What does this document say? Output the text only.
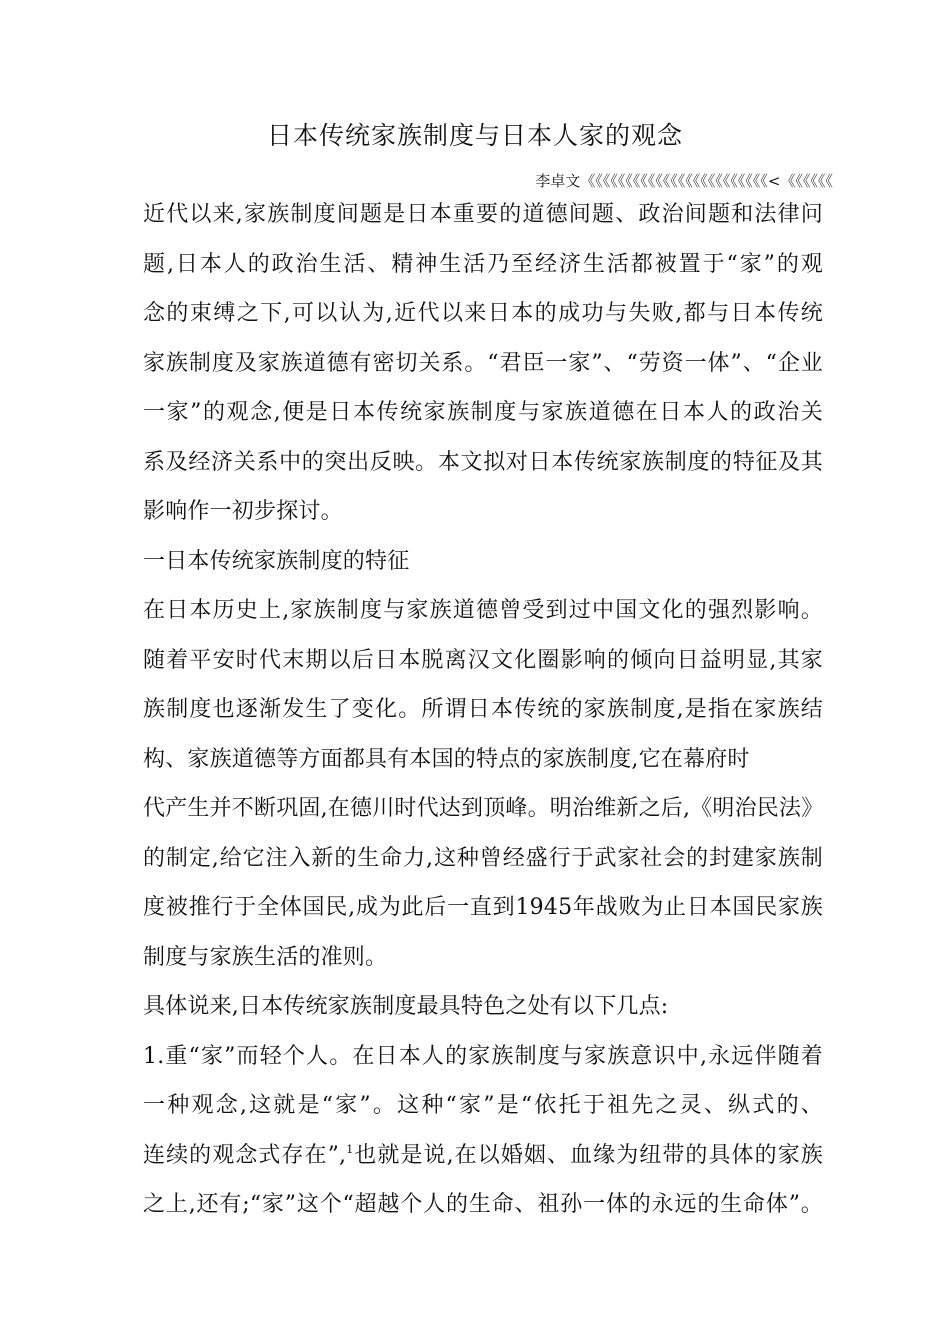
日本传统家族制度与日本人家的观念
李卓文《《《《《《《《《《《《《《《《《《《《《《《《<《《《《《《
近代以来,家族制度间题是日本重要的道德间题、政治间题和法律问
题,日本人的政治生活、精神生活乃至经济生活都被置于“家”的观
念的束缚之下,可以认为,近代以来日本的成功与失败,都与日本传统
家族制度及家族道德有密切关系。“君臣一家”、“劳资一体”、“企业
一家”的观念,便是日本传统家族制度与家族道德在日本人的政治关
系及经济关系中的突出反映。本文拟对日本传统家族制度的特征及其
影响作一初步探讨。
一日本传统家族制度的特征
在日本历史上,家族制度与家族道德曾受到过中国文化的强烈影响。
随着平安时代末期以后日本脱离汉文化圈影响的倾向日益明显,其家
族制度也逐渐发生了变化。所谓日本传统的家族制度,是指在家族结
构、家族道德等方面都具有本国的特点的家族制度,它在幕府时
代产生并不断巩固,在德川时代达到顶峰。明治维新之后,《明治民法》
的制定,给它注入新的生命力,这种曾经盛行于武家社会的封建家族制
度被推行于全体国民,成为此后一直到1945年战败为止日本国民家族
制度与家族生活的准则。
具体说来,日本传统家族制度最具特色之处有以下几点:
1.重“家”而轻个人。在日本人的家族制度与家族意识中,永远伴随着
一种观念,这就是“家”。这种“家”是“依托于祖先之灵、纵式的、
连续的观念式存在”,$^1$也就是说,在以婚姻、血缘为纽带的具体的家族
之上,还有;“家”这个“超越个人的生命、祖孙一体的永远的生命体”。
